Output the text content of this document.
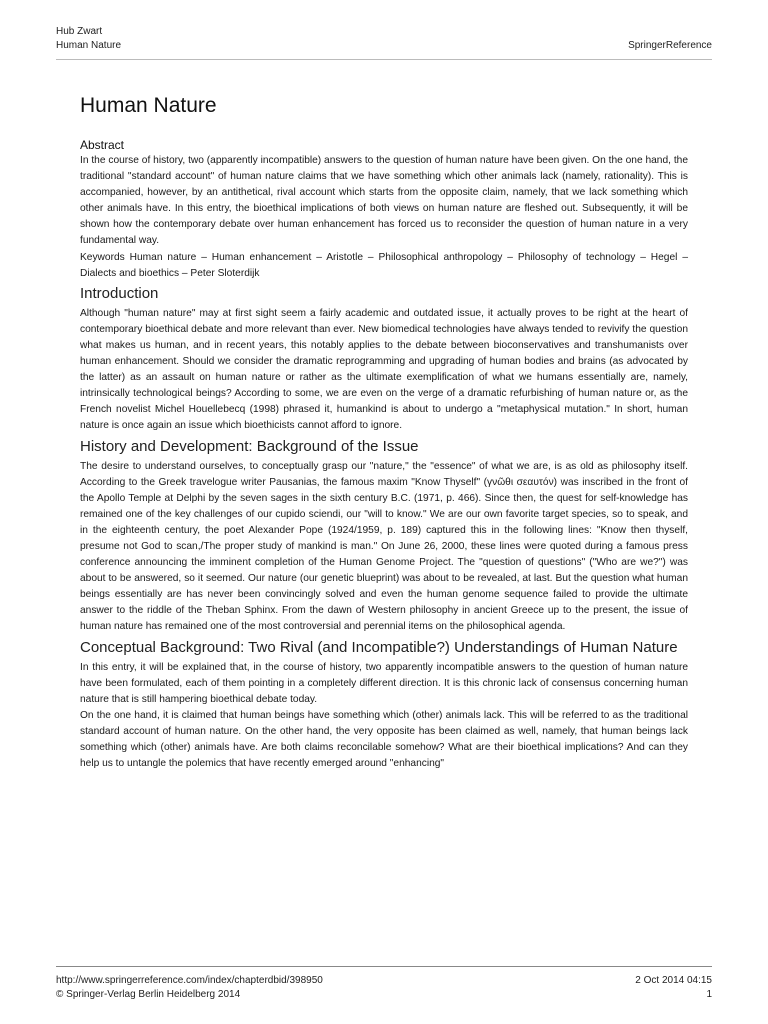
Hub Zwart
Human Nature	SpringerReference
Human Nature
Abstract

In the course of history, two (apparently incompatible) answers to the question of human nature have been given. On the one hand, the traditional "standard account" of human nature claims that we have something which other animals lack (namely, rationality). This is accompanied, however, by an antithetical, rival account which starts from the opposite claim, namely, that we lack something which other animals have. In this entry, the bioethical implications of both views on human nature are fleshed out. Subsequently, it will be shown how the contemporary debate over human enhancement has forced us to reconsider the question of human nature in a very fundamental way.

Keywords Human nature – Human enhancement – Aristotle – Philosophical anthropology – Philosophy of technology – Hegel – Dialects and bioethics – Peter Sloterdijk

Introduction

Although "human nature" may at first sight seem a fairly academic and outdated issue, it actually proves to be right at the heart of contemporary bioethical debate and more relevant than ever. New biomedical technologies have always tended to revivify the question what makes us human, and in recent years, this notably applies to the debate between bioconservatives and transhumanists over human enhancement. Should we consider the dramatic reprogramming and upgrading of human bodies and brains (as advocated by the latter) as an assault on human nature or rather as the ultimate exemplification of what we humans essentially are, namely, intrinsically technological beings? According to some, we are even on the verge of a dramatic refurbishing of human nature or, as the French novelist Michel Houellebecq (1998) phrased it, humankind is about to undergo a "metaphysical mutation." In short, human nature is once again an issue which bioethicists cannot afford to ignore.

History and Development: Background of the Issue

The desire to understand ourselves, to conceptually grasp our "nature," the "essence" of what we are, is as old as philosophy itself. According to the Greek travelogue writer Pausanias, the famous maxim "Know Thyself" (γνῶθι σεαυτόν) was inscribed in the front of the Apollo Temple at Delphi by the seven sages in the sixth century B.C. (1971, p. 466). Since then, the quest for self-knowledge has remained one of the key challenges of our cupido sciendi, our "will to know." We are our own favorite target species, so to speak, and in the eighteenth century, the poet Alexander Pope (1924/1959, p. 189) captured this in the following lines: "Know then thyself, presume not God to scan,/The proper study of mankind is man." On June 26, 2000, these lines were quoted during a famous press conference announcing the imminent completion of the Human Genome Project. The "question of questions" ("Who are we?") was about to be answered, so it seemed. Our nature (our genetic blueprint) was about to be revealed, at last. But the question what human beings essentially are has never been convincingly solved and even the human genome sequence failed to provide the ultimate answer to the riddle of the Theban Sphinx. From the dawn of Western philosophy in ancient Greece up to the present, the issue of human nature has remained one of the most controversial and perennial items on the philosophical agenda.

Conceptual Background: Two Rival (and Incompatible?) Understandings of Human Nature

In this entry, it will be explained that, in the course of history, two apparently incompatible answers to the question of human nature have been formulated, each of them pointing in a completely different direction. It is this chronic lack of consensus concerning human nature that is still hampering bioethical debate today.

On the one hand, it is claimed that human beings have something which (other) animals lack. This will be referred to as the traditional standard account of human nature. On the other hand, the very opposite has been claimed as well, namely, that human beings lack something which (other) animals have. Are both claims reconcilable somehow? What are their bioethical implications? And can they help us to untangle the polemics that have recently emerged around "enhancing"

http://www.springerreference.com/index/chapterdbid/398950	2 Oct 2014 04:15
© Springer-Verlag Berlin Heidelberg 2014	1
